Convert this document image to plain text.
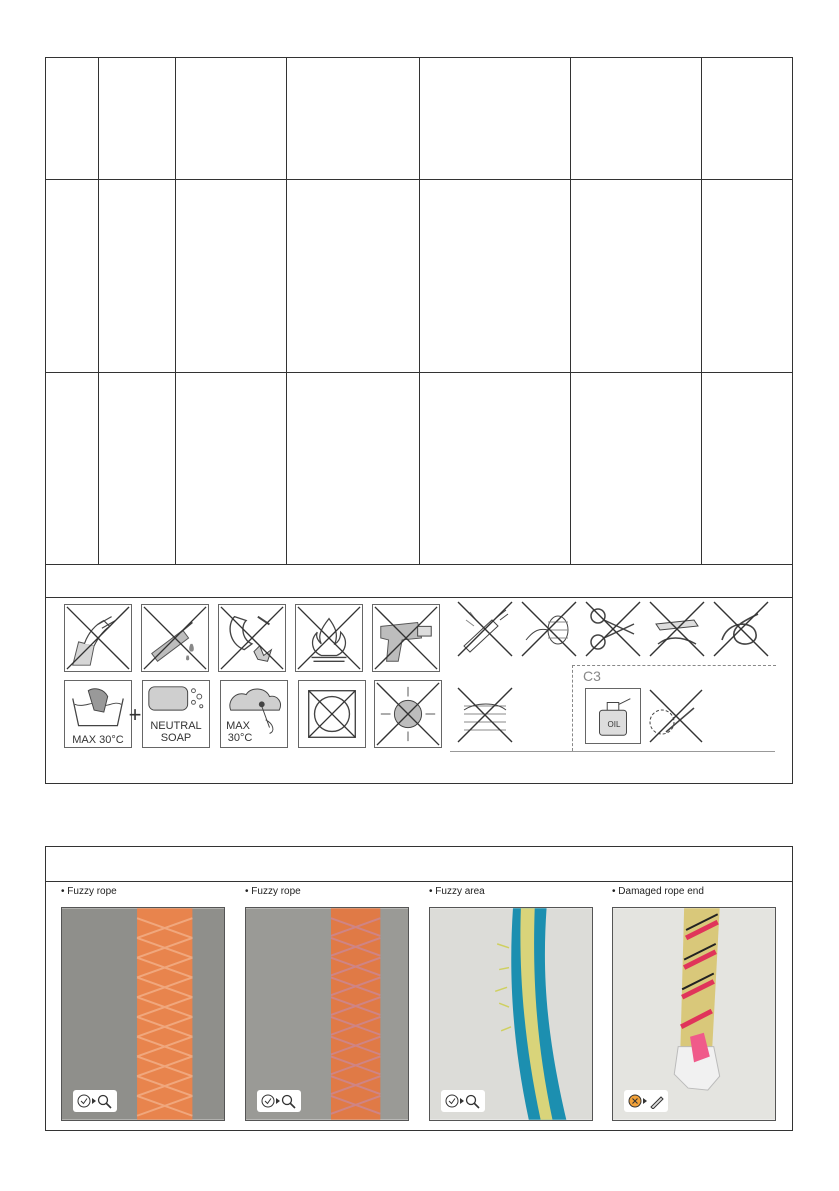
MAX 30°C
+ NEUTRAL
SOAP
MAX
30°C
C3
OIL
• Fuzzy rope	• Fuzzy rope	• Fuzzy area	• Damaged rope end
